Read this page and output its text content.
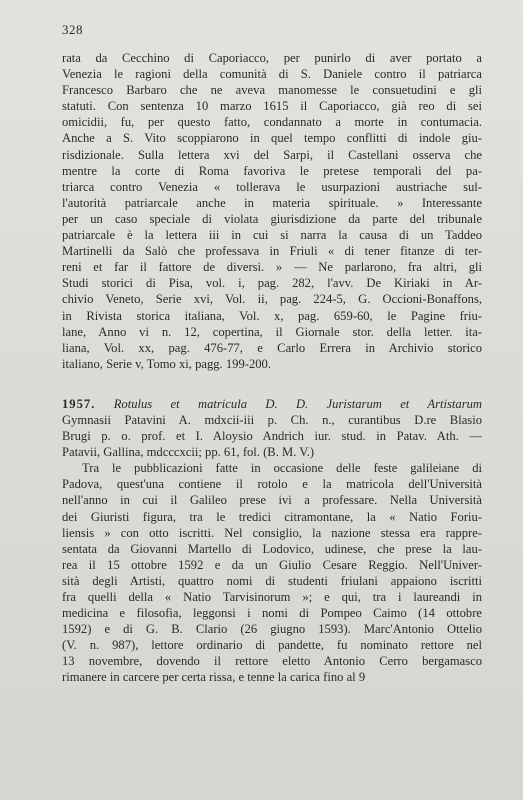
328
rata da Cecchino di Caporiacco, per punirlo di aver portato a
Venezia le ragioni della comunità di S. Daniele contro il patriarca
Francesco Barbaro che ne aveva manomesse le consuetudini e gli
statuti. Con sentenza 10 marzo 1615 il Caporiacco, già reo di sei
omicidii, fu, per questo fatto, condannato a morte in contumacia.
Anche a S. Vito scoppiarono in quel tempo conflitti di indole giu-
risdizionale. Sulla lettera xvi del Sarpi, il Castellani osserva che
mentre la corte di Roma favoriva le pretese temporali del pa-
triarca contro Venezia « tollerava le usurpazioni austriache sul-
l'autorità patriarcale anche in materia spirituale. » Interessante
per un caso speciale di violata giurisdizione da parte del tribunale
patriarcale è la lettera iii in cui si narra la causa di un Taddeo
Martinelli da Salò che professava in Friuli « di tener fitanze di ter-
reni et far il fattore de diversi. » — Ne parlarono, fra altri, gli
Studi storici di Pisa, vol. i, pag. 282, l'avv. De Kiriaki in Ar-
chivio Veneto, Serie xvi, Vol. ii, pag. 224-5, G. Occioni-Bonaffons,
in Rivista storica italiana, Vol. x, pag. 659-60, le Pagine friu-
lane, Anno vi n. 12, copertina, il Giornale stor. della letter. ita-
liana, Vol. xx, pag. 476-77, e Carlo Errera in Archivio storico
italiano, Serie v, Tomo xi, pagg. 199-200.
1957. Rotulus et matricula D. D. Juristarum et Artistarum
Gymnasii Patavini A. mdxcii-iii p. Ch. n., curantibus D.re Blasio
Brugi p. o. prof. et I. Aloysio Andrich iur. stud. in Patav. Ath. —
Patavii, Gallina, mdcccxcii; pp. 61, fol. (B. M. V.)
Tra le pubblicazioni fatte in occasione delle feste galileiane di
Padova, quest'una contiene il rotolo e la matricola dell'Università
nell'anno in cui il Galileo prese ivi a professare. Nella Università
dei Giuristi figura, tra le tredici citramontane, la « Natio Foriu-
liensis » con otto iscritti. Nel consiglio, la nazione stessa era rappre-
sentata da Giovanni Martello di Lodovico, udinese, che prese la lau-
rea il 15 ottobre 1592 e da un Giulio Cesare Reggio. Nell'Univer-
sità degli Artisti, quattro nomi di studenti friulani appaiono iscritti
fra quelli della « Natio Tarvisinorum »; e qui, tra i laureandi in
medicina e filosofia, leggonsi i nomi di Pompeo Caimo (14 ottobre
1592) e di G. B. Clario (26 giugno 1593). Marc'Antonio Ottelio
(V. n. 987), lettore ordinario di pandette, fu nominato rettore nel
13 novembre, dovendo il rettore eletto Antonio Cerro bergamasco
rimanere in carcere per certa rissa, e tenne la carica fino al 9
